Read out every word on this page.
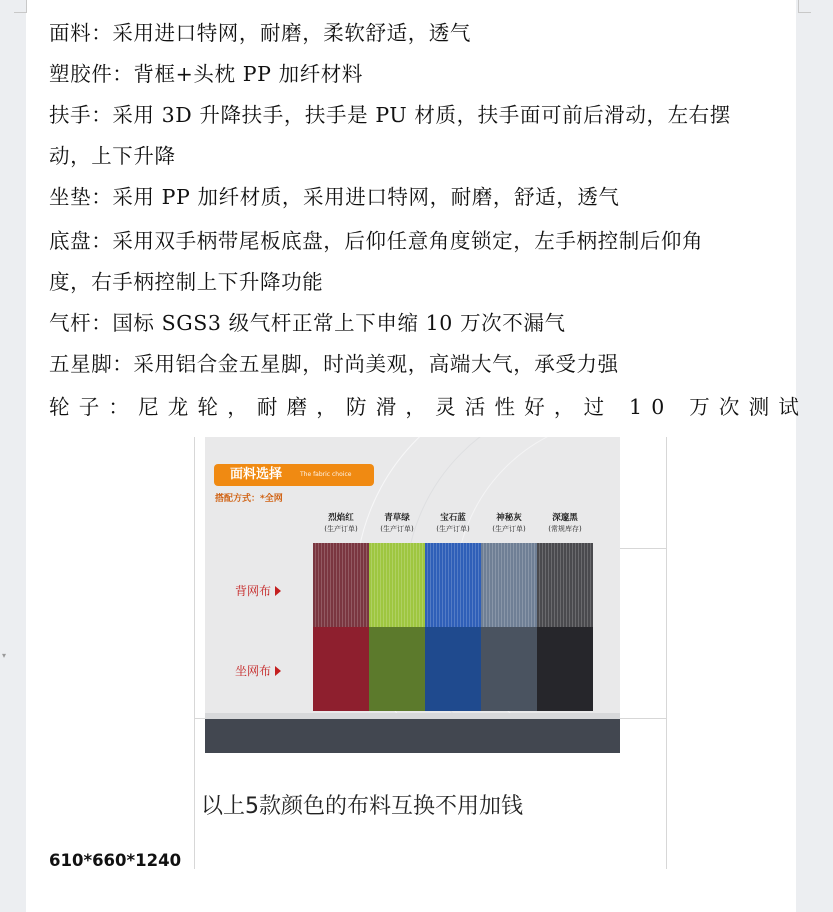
▾
面料：采用进口特网，耐磨，柔软舒适，透气
塑胶件：背框+头枕 PP 加纤材料
扶手：采用 3D 升降扶手，扶手是 PU 材质，扶手面可前后滑动，左右摆
动，上下升降
坐垫：采用 PP 加纤材质，采用进口特网，耐磨，舒适，透气
底盘：采用双手柄带尾板底盘，后仰任意角度锁定，左手柄控制后仰角
度，右手柄控制上下升降功能
气杆：国标 SGS3 级气杆正常上下申缩 10 万次不漏气
五星脚：采用铝合金五星脚，时尚美观，高端大气，承受力强
轮子：尼龙轮，耐磨，防滑，灵活性好，过 10 万次测试
面料选择	The fabric choice
搭配方式：*全网
烈焰红
(生产订单)
青草绿
(生产订单)
宝石蓝
(生产订单)
神秘灰
(生产订单)
深邃黑
(常规库存)
背网布
坐网布
以上5款颜色的布料互换不用加钱
610*660*1240
